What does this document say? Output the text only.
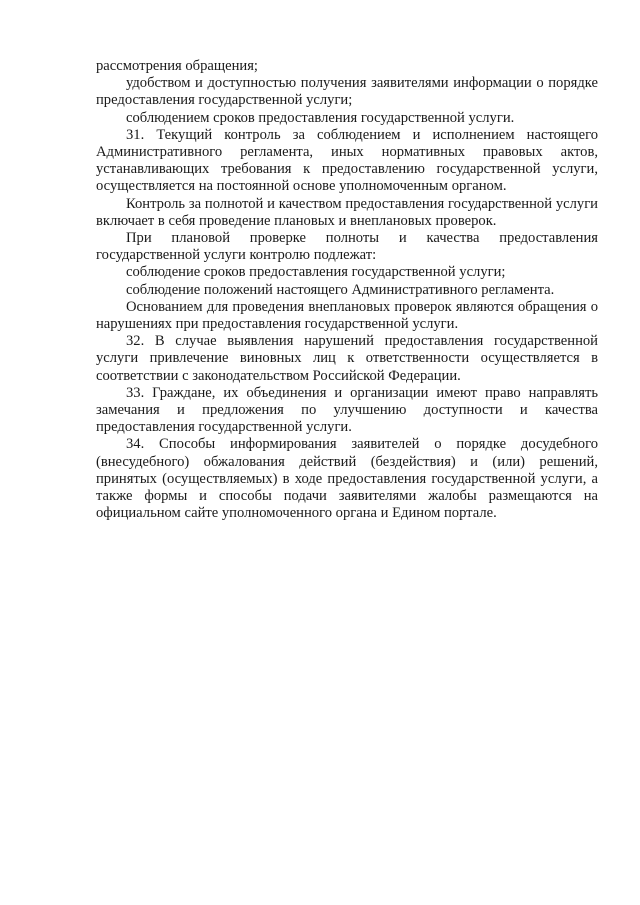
рассмотрения обращения;

удобством и доступностью получения заявителями информации о порядке предоставления государственной услуги;

соблюдением сроков предоставления государственной услуги.

31. Текущий контроль за соблюдением и исполнением настоящего Административного регламента, иных нормативных правовых актов, устанавливающих требования к предоставлению государственной услуги, осуществляется на постоянной основе уполномоченным органом.

Контроль за полнотой и качеством предоставления государственной услуги включает в себя проведение плановых и внеплановых проверок.

При плановой проверке полноты и качества предоставления государственной услуги контролю подлежат:

соблюдение сроков предоставления государственной услуги;

соблюдение положений настоящего Административного регламента.

Основанием для проведения внеплановых проверок являются обращения о нарушениях при предоставления государственной услуги.

32. В случае выявления нарушений предоставления государственной услуги привлечение виновных лиц к ответственности осуществляется в соответствии с законодательством Российской Федерации.

33. Граждане, их объединения и организации имеют право направлять замечания и предложения по улучшению доступности и качества предоставления государственной услуги.

34. Способы информирования заявителей о порядке досудебного (внесудебного) обжалования действий (бездействия) и (или) решений, принятых (осуществляемых) в ходе предоставления государственной услуги, а также формы и способы подачи заявителями жалобы размещаются на официальном сайте уполномоченного органа и Едином портале.
